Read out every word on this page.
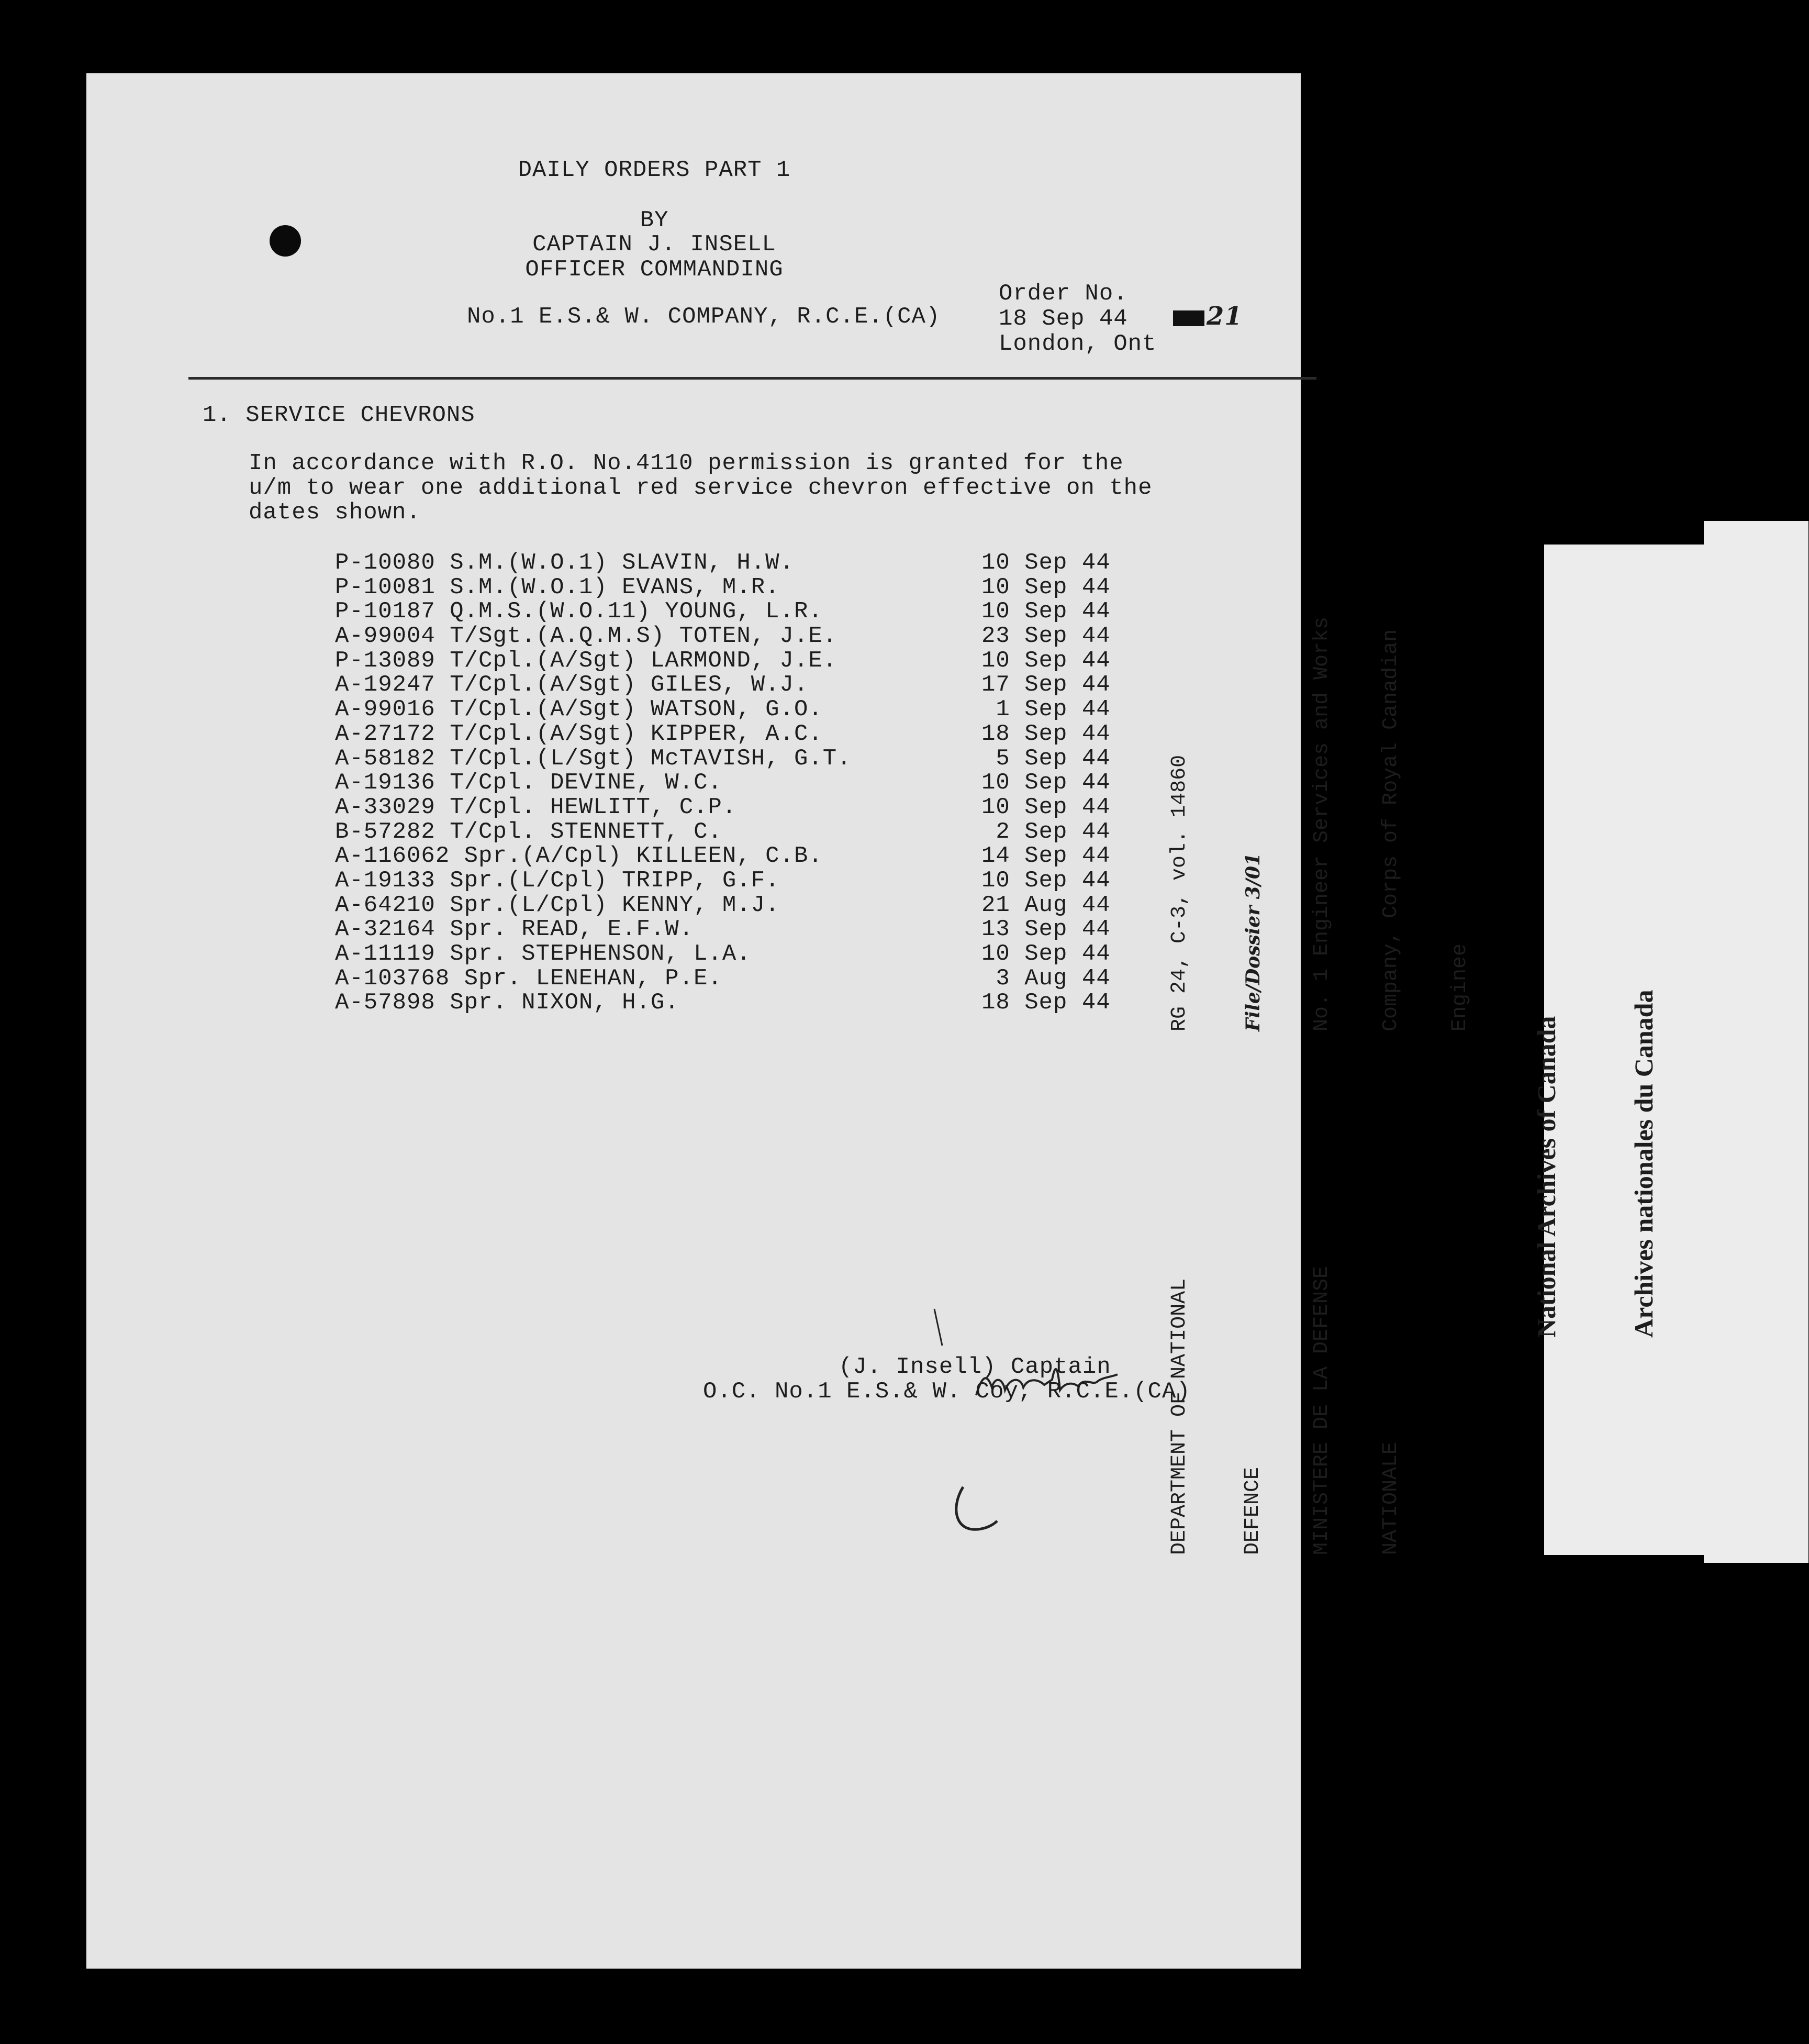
DAILY ORDERS PART 1
BY
CAPTAIN J. INSELL
OFFICER COMMANDING
No.1 E.S.& W. COMPANY, R.C.E.(CA)
Order No.

21

18 Sep 44
London, Ont
1. SERVICE CHEVRONS
In accordance with R.O. No.4110 permission is granted for the
u/m to wear one additional red service chevron effective on the
dates shown.
P-10080 S.M.(W.O.1) SLAVIN, H.W.	10 Sep 44
P-10081 S.M.(W.O.1) EVANS, M.R.	10 Sep 44
P-10187 Q.M.S.(W.O.11) YOUNG, L.R.	10 Sep 44
A-99004 T/Sgt.(A.Q.M.S) TOTEN, J.E.	23 Sep 44
P-13089 T/Cpl.(A/Sgt) LARMOND, J.E.	10 Sep 44
A-19247 T/Cpl.(A/Sgt) GILES, W.J.	17 Sep 44
A-99016 T/Cpl.(A/Sgt) WATSON, G.O.	1 Sep 44
A-27172 T/Cpl.(A/Sgt) KIPPER, A.C.	18 Sep 44
A-58182 T/Cpl.(L/Sgt) McTAVISH, G.T.	5 Sep 44
A-19136 T/Cpl. DEVINE, W.C.	10 Sep 44
A-33029 T/Cpl. HEWLITT, C.P.	10 Sep 44
B-57282 T/Cpl. STENNETT, C.	2 Sep 44
A-116062 Spr.(A/Cpl) KILLEEN, C.B.	14 Sep 44
A-19133 Spr.(L/Cpl) TRIPP, G.F.	10 Sep 44
A-64210 Spr.(L/Cpl) KENNY, M.J.	21 Aug 44
A-32164 Spr. READ, E.F.W.	13 Sep 44
A-11119 Spr. STEPHENSON, L.A.	10 Sep 44
A-103768 Spr. LENEHAN, P.E.	3 Aug 44
A-57898 Spr. NIXON, H.G.	18 Sep 44
(J. Insell) Captain
O.C. No.1 E.S.& W. Coy, R.C.E.(CA)

DEPARTMENT OF NATIONAL
RG 24, C-3, vol. 14860

DEFENCE
File/Dossier 3/01

MINISTERE DE LA DEFENSE
No. 1 Engineer Services and Works

NATIONALE
Company, Corps of Royal Canadian

Enginee

National Archives of Canada

	Archives nationales du Canada
